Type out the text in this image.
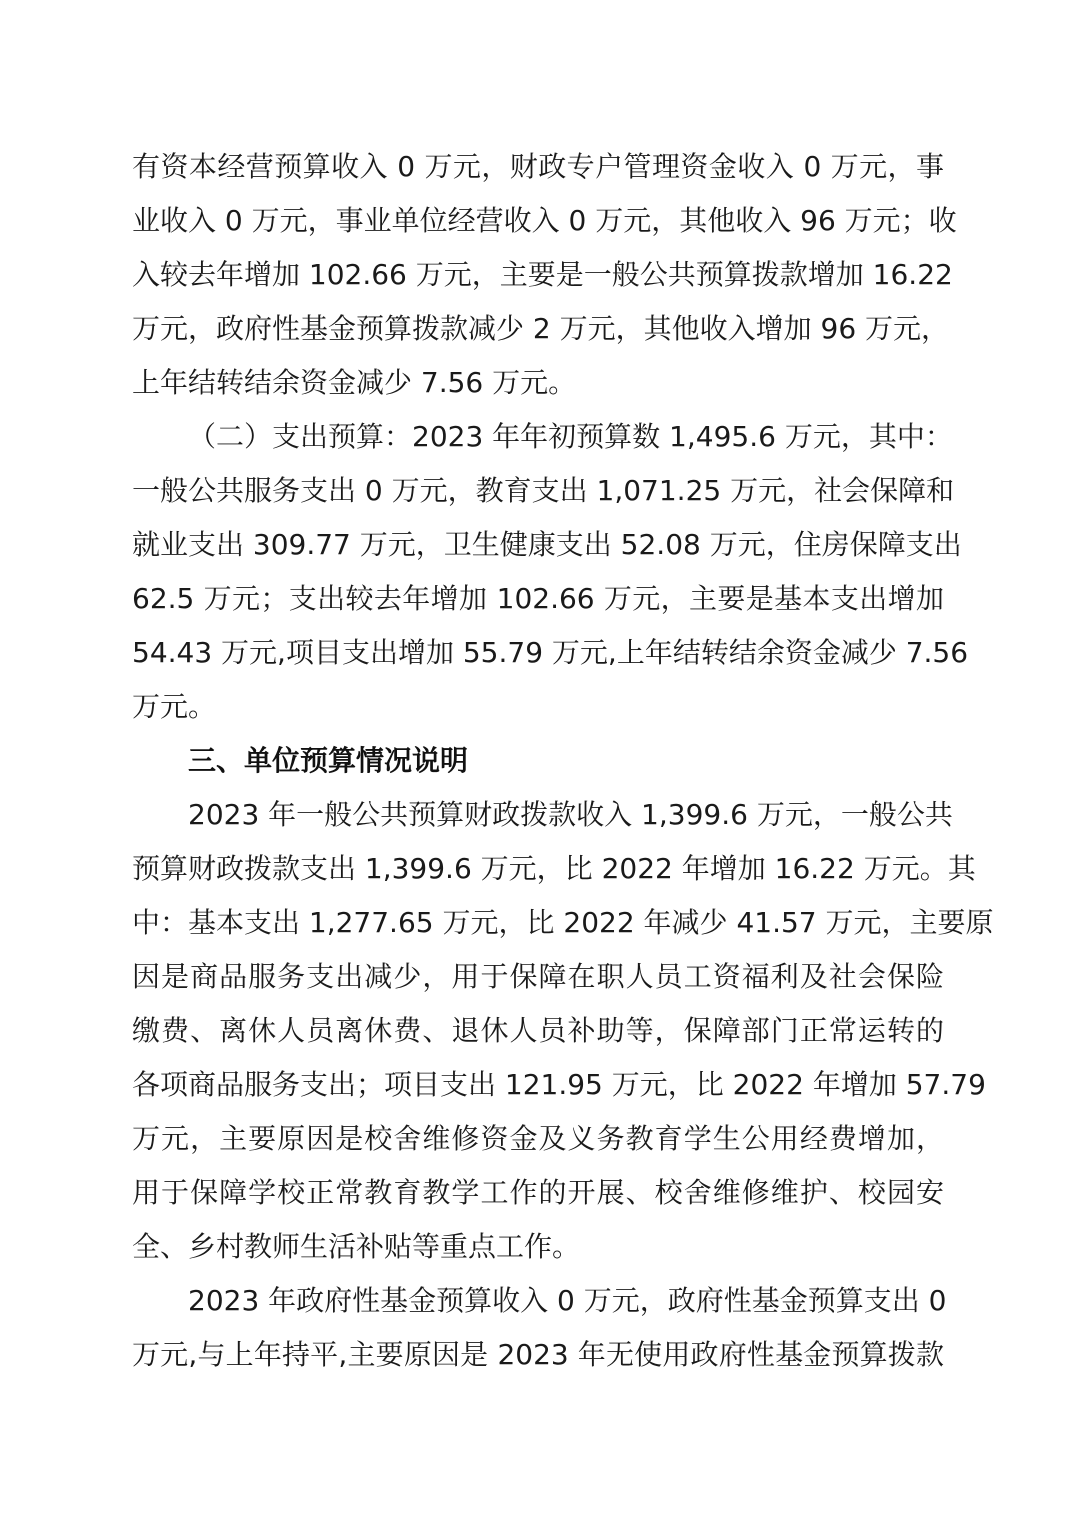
有资本经营预算收入 0 万元，财政专户管理资金收入 0 万元，事
业收入 0 万元，事业单位经营收入 0 万元，其他收入 96 万元；收
入较去年增加 102.66 万元，主要是一般公共预算拨款增加 16.22
万元，政府性基金预算拨款减少 2 万元，其他收入增加 96 万元，
上年结转结余资金减少 7.56 万元。
（二）支出预算：2023 年年初预算数 1,495.6 万元，其中：
一般公共服务支出 0 万元，教育支出 1,071.25 万元，社会保障和
就业支出 309.77 万元，卫生健康支出 52.08 万元，住房保障支出
62.5 万元；支出较去年增加 102.66 万元，主要是基本支出增加
54.43 万元,项目支出增加 55.79 万元,上年结转结余资金减少 7.56
万元。
三、单位预算情况说明
2023 年一般公共预算财政拨款收入 1,399.6 万元，一般公共
预算财政拨款支出 1,399.6 万元，比 2022 年增加 16.22 万元。其
中：基本支出 1,277.65 万元，比 2022 年减少 41.57 万元，主要原
因是商品服务支出减少，用于保障在职人员工资福利及社会保险
缴费、离休人员离休费、退休人员补助等，保障部门正常运转的
各项商品服务支出；项目支出 121.95 万元，比 2022 年增加 57.79
万元，主要原因是校舍维修资金及义务教育学生公用经费增加，
用于保障学校正常教育教学工作的开展、校舍维修维护、校园安
全、乡村教师生活补贴等重点工作。
2023 年政府性基金预算收入 0 万元，政府性基金预算支出 0
万元,与上年持平,主要原因是 2023 年无使用政府性基金预算拨款
